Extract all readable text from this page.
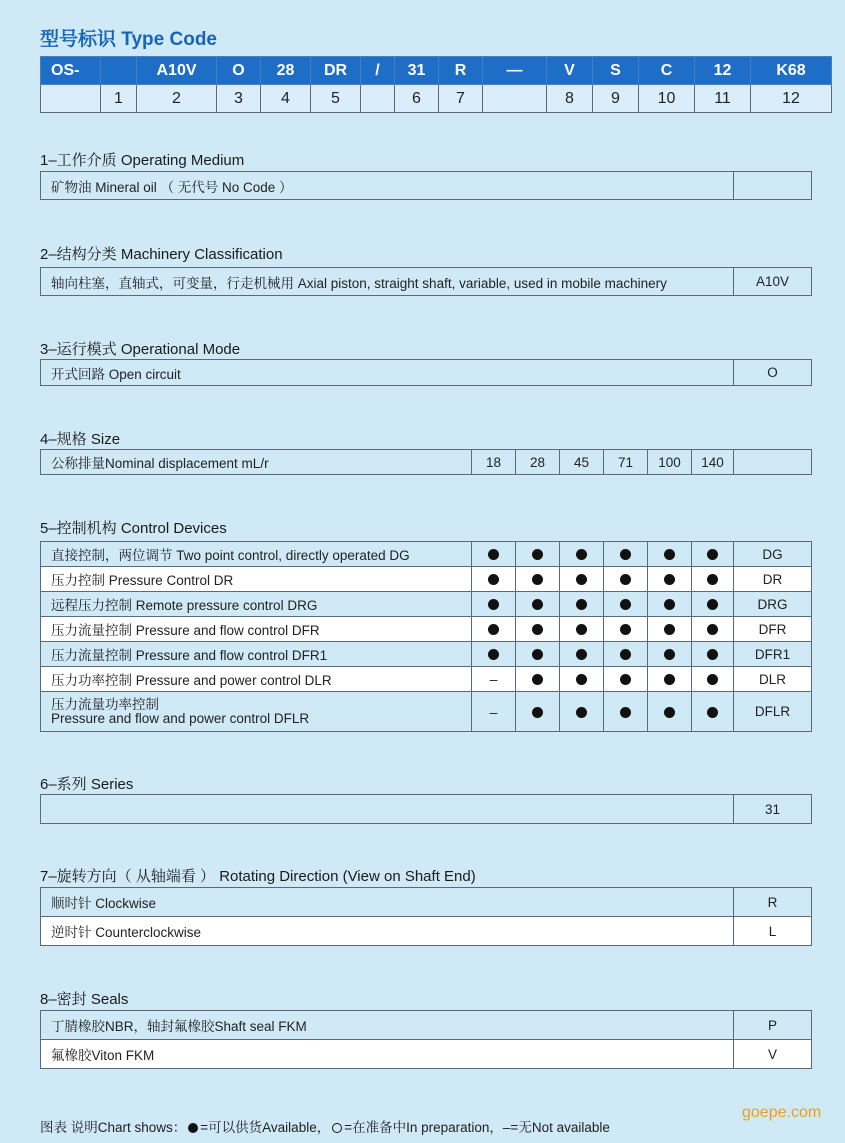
型号标识 Type Code
OS-		A10V	O	28	DR	/	31	R	—	V	S	C	12	K68
	1	2	3	4	5		6	7		8	9	10	11	12
1–工作介质 Operating Medium
矿物油 Mineral oil （ 无代号 No Code ）	
2–结构分类 Machinery Classification
轴向柱塞，直轴式，可变量，行走机械用 Axial piston, straight shaft, variable, used in mobile machinery	A10V
3–运行模式 Operational Mode
开式回路 Open circuit	O
4–规格 Size
公称排量Nominal displacement mL/r	18	28	45	71	100	140	
5–控制机构 Control Devices
直接控制，两位调节 Two point control, directly operated DG							DG

压力控制 Pressure Control DR							DR

远程压力控制 Remote pressure control DRG							DRG

压力流量控制 Pressure and flow control DFR							DFR

压力流量控制 Pressure and flow control DFR1							DFR1

压力功率控制 Pressure and power control DLR	–						DLR

压力流量功率控制
Pressure and flow and power control DFLR	–						DFLR
6–系列 Series
	31
7–旋转方向（ 从轴端看 ） Rotating Direction (View on Shaft End)
顺时针 Clockwise	R
逆时针 Counterclockwise	L
8–密封 Seals
丁腈橡胶NBR，轴封氟橡胶Shaft seal FKM	P
氟橡胶Viton FKM	V
图表 说明Chart shows： =可以供货Available， =在准备中In preparation，–=无Not available
goepe.com
